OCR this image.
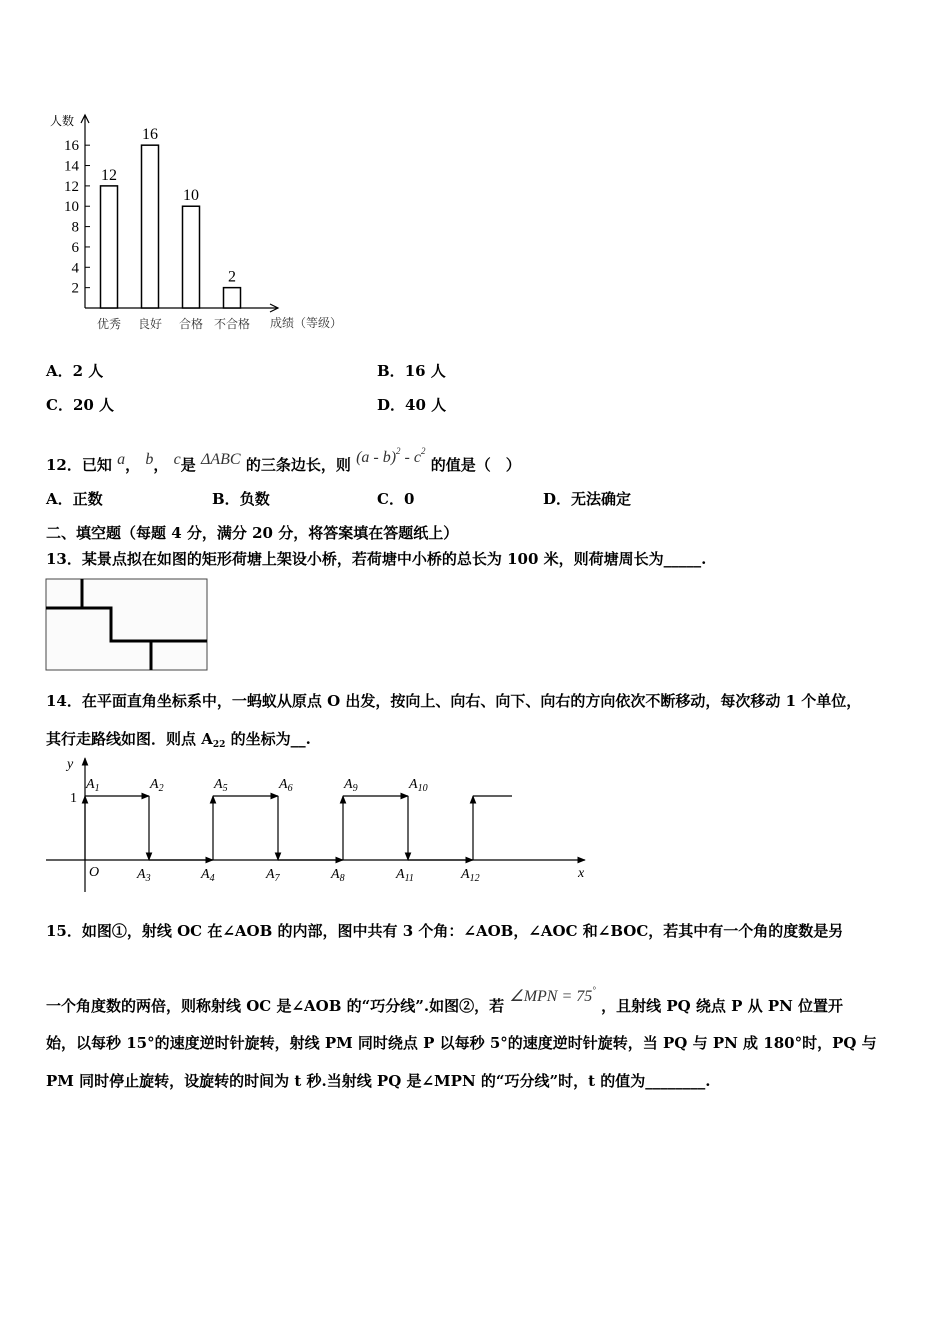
人数
2
4
6
8
10
12
14
16
12
16
10
2
优秀 良好 合格 不合格 成绩（等级）
A．2 人	B．16 人
C．20 人	D．40 人
12．已知 a， b， c是 ΔABC 的三条边长，则 $(a - b)^2 - c^2$ 的值是（　）
A．正数	B．负数	C．0	D．无法确定
二、填空题（每题 4 分，满分 20 分，将答案填在答题纸上）
13．某景点拟在如图的矩形荷塘上架设小桥，若荷塘中小桥的总长为 100 米，则荷塘周长为_____.
14．在平面直角坐标系中，一蚂蚁从原点 O 出发，按向上、向右、向下、向右的方向依次不断移动，每次移动 1 个单位，
其行走路线如图．则点 $A_{22}$ 的坐标为__.
y
x
O
1
$A_1$	$A_2$	$A_5$	$A_6$	$A_9$	$A_{10}$
$A_3$	$A_4$	$A_7$	$A_8$	$A_{11}$	$A_{12}$
15．如图①，射线 OC 在∠AOB 的内部，图中共有 3 个角：∠AOB，∠AOC 和∠BOC，若其中有一个角的度数是另
一个角度数的两倍，则称射线 OC 是∠AOB 的“巧分线”.如图②，若 ∠MPN = 75° ，且射线 PQ 绕点 P 从 PN 位置开
始，以每秒 15°的速度逆时针旋转，射线 PM 同时绕点 P 以每秒 5°的速度逆时针旋转，当 PQ 与 PN 成 180°时，PQ 与
PM 同时停止旋转，设旋转的时间为 t 秒.当射线 PQ 是∠MPN 的“巧分线”时，t 的值为________.
